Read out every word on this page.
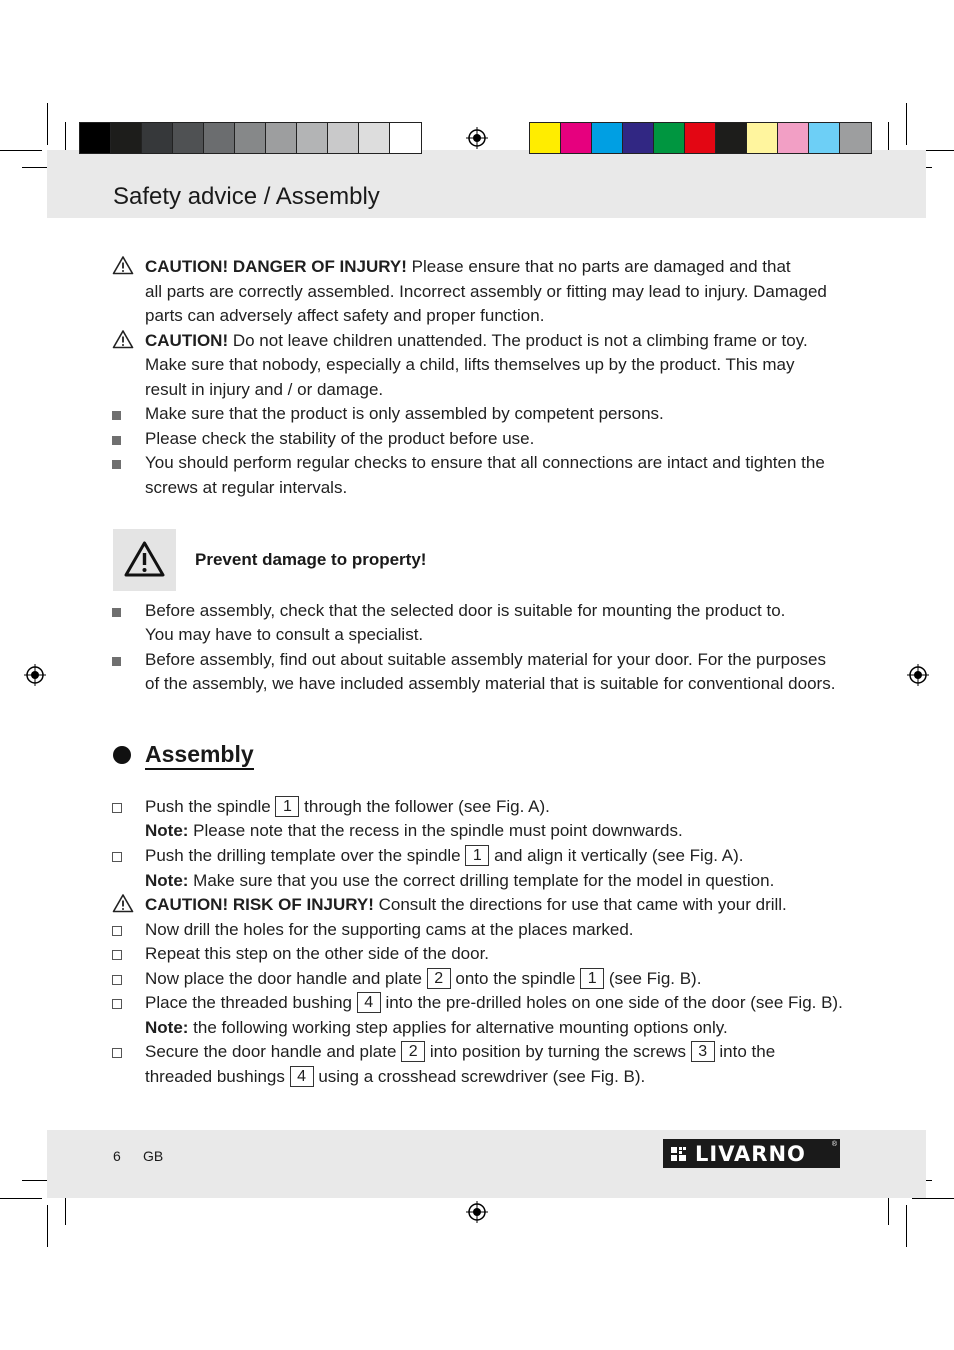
Safety advice / Assembly
CAUTION! DANGER OF INJURY! Please ensure that no parts are damaged and that
all parts are correctly assembled. Incorrect assembly or fitting may lead to injury. Damaged
parts can adversely affect safety and proper function.
CAUTION! Do not leave children unattended. The product is not a climbing frame or toy.
Make sure that nobody, especially a child, lifts themselves up by the product. This may
result in injury and / or damage.
Make sure that the product is only assembled by competent persons.
Please check the stability of the product before use.
You should perform regular checks to ensure that all connections are intact and tighten the
screws at regular intervals.
Prevent damage to property!
Before assembly, check that the selected door is suitable for mounting the product to.
You may have to consult a specialist.
Before assembly, find out about suitable assembly material for your door. For the purposes
of the assembly, we have included assembly material that is suitable for conventional doors.
Assembly
Push the spindle 1 through the follower (see Fig. A).
Note: Please note that the recess in the spindle must point downwards.
Push the drilling template over the spindle 1 and align it vertically (see Fig. A).
Note: Make sure that you use the correct drilling template for the model in question.
CAUTION! RISK OF INJURY! Consult the directions for use that came with your drill.
Now drill the holes for the supporting cams at the places marked.
Repeat this step on the other side of the door.
Now place the door handle and plate 2 onto the spindle 1 (see Fig. B).
Place the threaded bushing 4 into the pre-drilled holes on one side of the door (see Fig. B).
Note: the following working step applies for alternative mounting options only.
Secure the door handle and plate 2 into position by turning the screws 3 into the
threaded bushings 4 using a crosshead screwdriver (see Fig. B).
6 GB	LIVARNO	®
